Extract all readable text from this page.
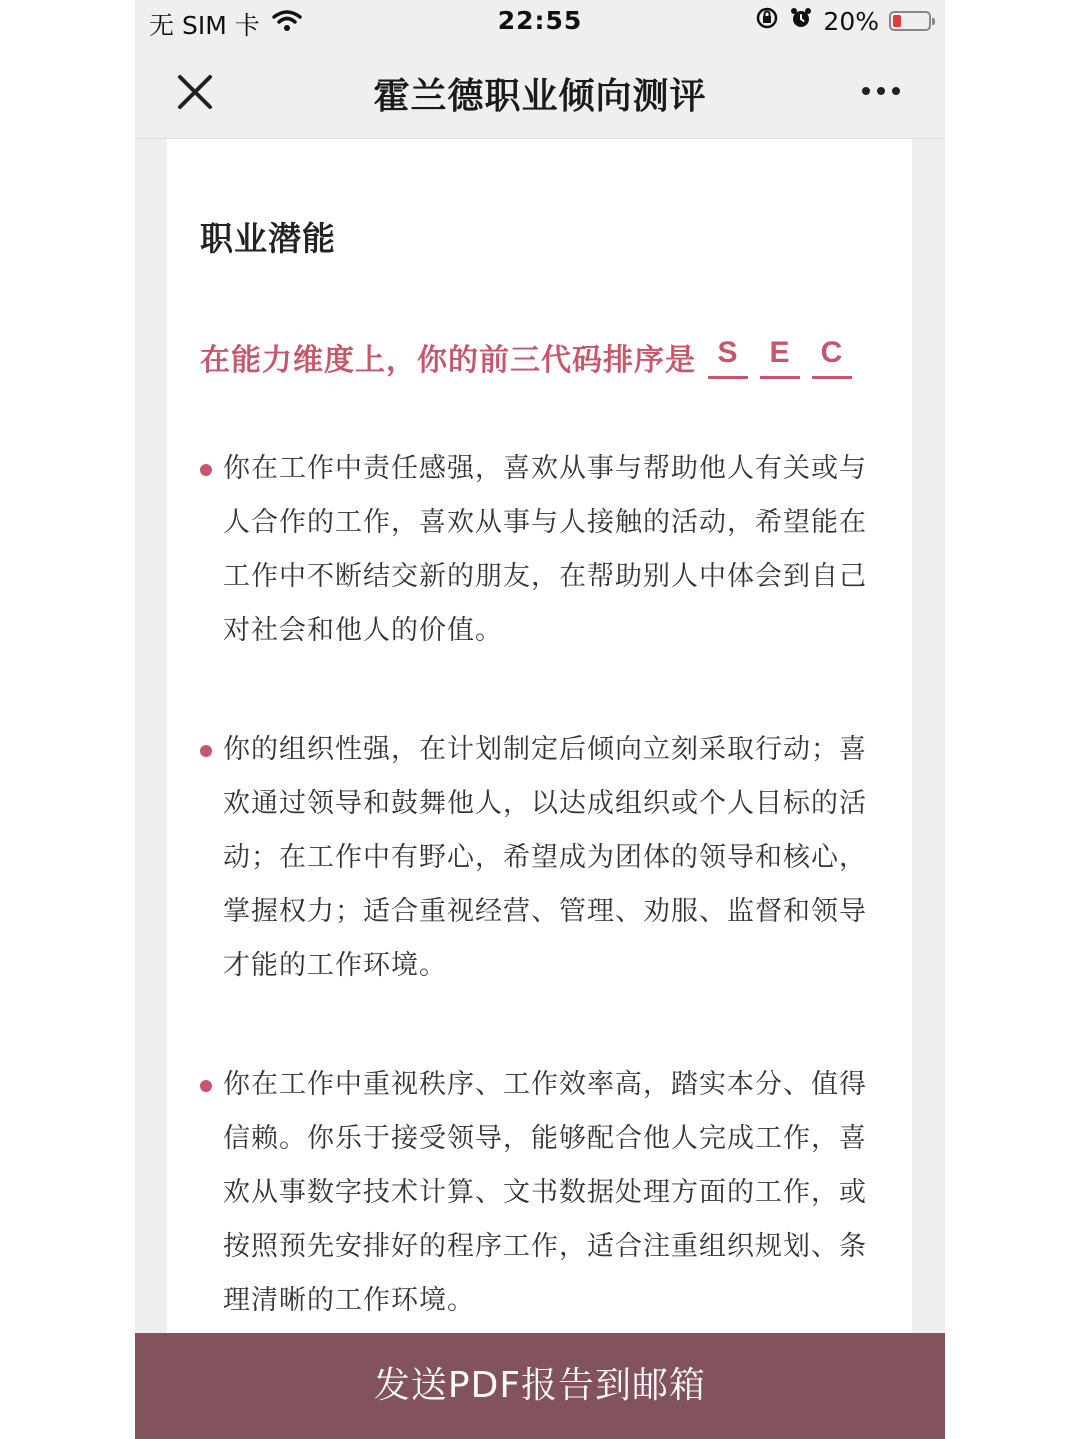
无 SIM 卡	22:55	20%
霍兰德职业倾向测评
职业潜能
在能力维度上，你的前三代码排序是 S	E	C
你在工作中责任感强，喜欢从事与帮助他人有关或与人合作的工作，喜欢从事与人接触的活动，希望能在工作中不断结交新的朋友，在帮助别人中体会到自己对社会和他人的价值。
你的组织性强，在计划制定后倾向立刻采取行动；喜欢通过领导和鼓舞他人，以达成组织或个人目标的活动；在工作中有野心，希望成为团体的领导和核心，掌握权力；适合重视经营、管理、劝服、监督和领导才能的工作环境。
你在工作中重视秩序、工作效率高，踏实本分、值得信赖。你乐于接受领导，能够配合他人完成工作，喜欢从事数字技术计算、文书数据处理方面的工作，或按照预先安排好的程序工作，适合注重组织规划、条理清晰的工作环境。
发送PDF报告到邮箱
